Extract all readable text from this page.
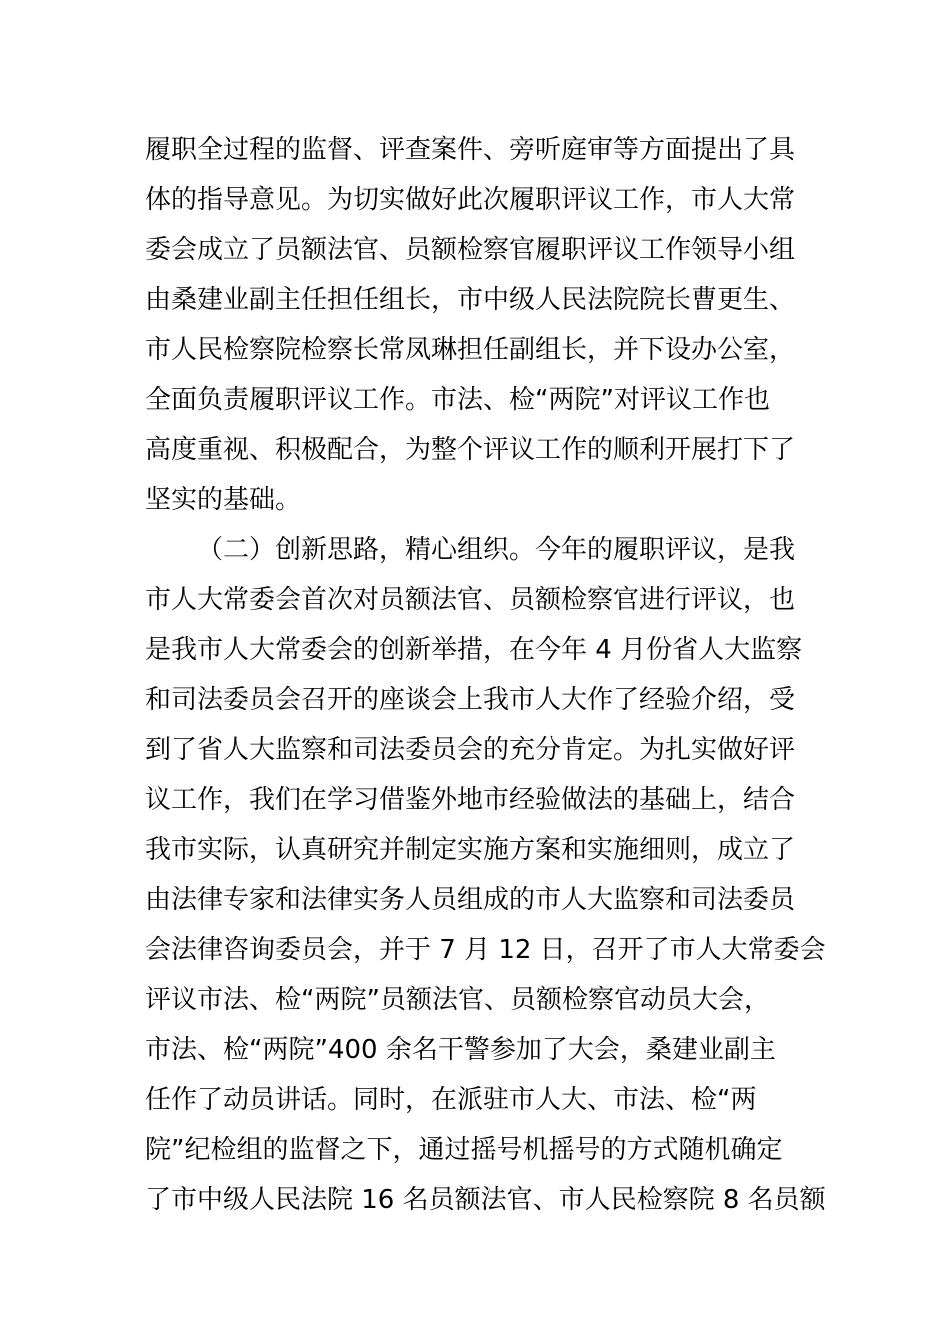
履职全过程的监督、评查案件、旁听庭审等方面提出了具
体的指导意见。为切实做好此次履职评议工作，市人大常
委会成立了员额法官、员额检察官履职评议工作领导小组
由桑建业副主任担任组长，市中级人民法院院长曹更生、
市人民检察院检察长常凤琳担任副组长，并下设办公室，
全面负责履职评议工作。市法、检“两院”对评议工作也
高度重视、积极配合，为整个评议工作的顺利开展打下了
坚实的基础。
（二）创新思路，精心组织。今年的履职评议，是我
市人大常委会首次对员额法官、员额检察官进行评议，也
是我市人大常委会的创新举措，在今年 4 月份省人大监察
和司法委员会召开的座谈会上我市人大作了经验介绍，受
到了省人大监察和司法委员会的充分肯定。为扎实做好评
议工作，我们在学习借鉴外地市经验做法的基础上，结合
我市实际，认真研究并制定实施方案和实施细则，成立了
由法律专家和法律实务人员组成的市人大监察和司法委员
会法律咨询委员会，并于 7 月 12 日，召开了市人大常委会
评议市法、检“两院”员额法官、员额检察官动员大会，
市法、检“两院”400 余名干警参加了大会，桑建业副主
任作了动员讲话。同时，在派驻市人大、市法、检“两
院”纪检组的监督之下，通过摇号机摇号的方式随机确定
了市中级人民法院 16 名员额法官、市人民检察院 8 名员额
